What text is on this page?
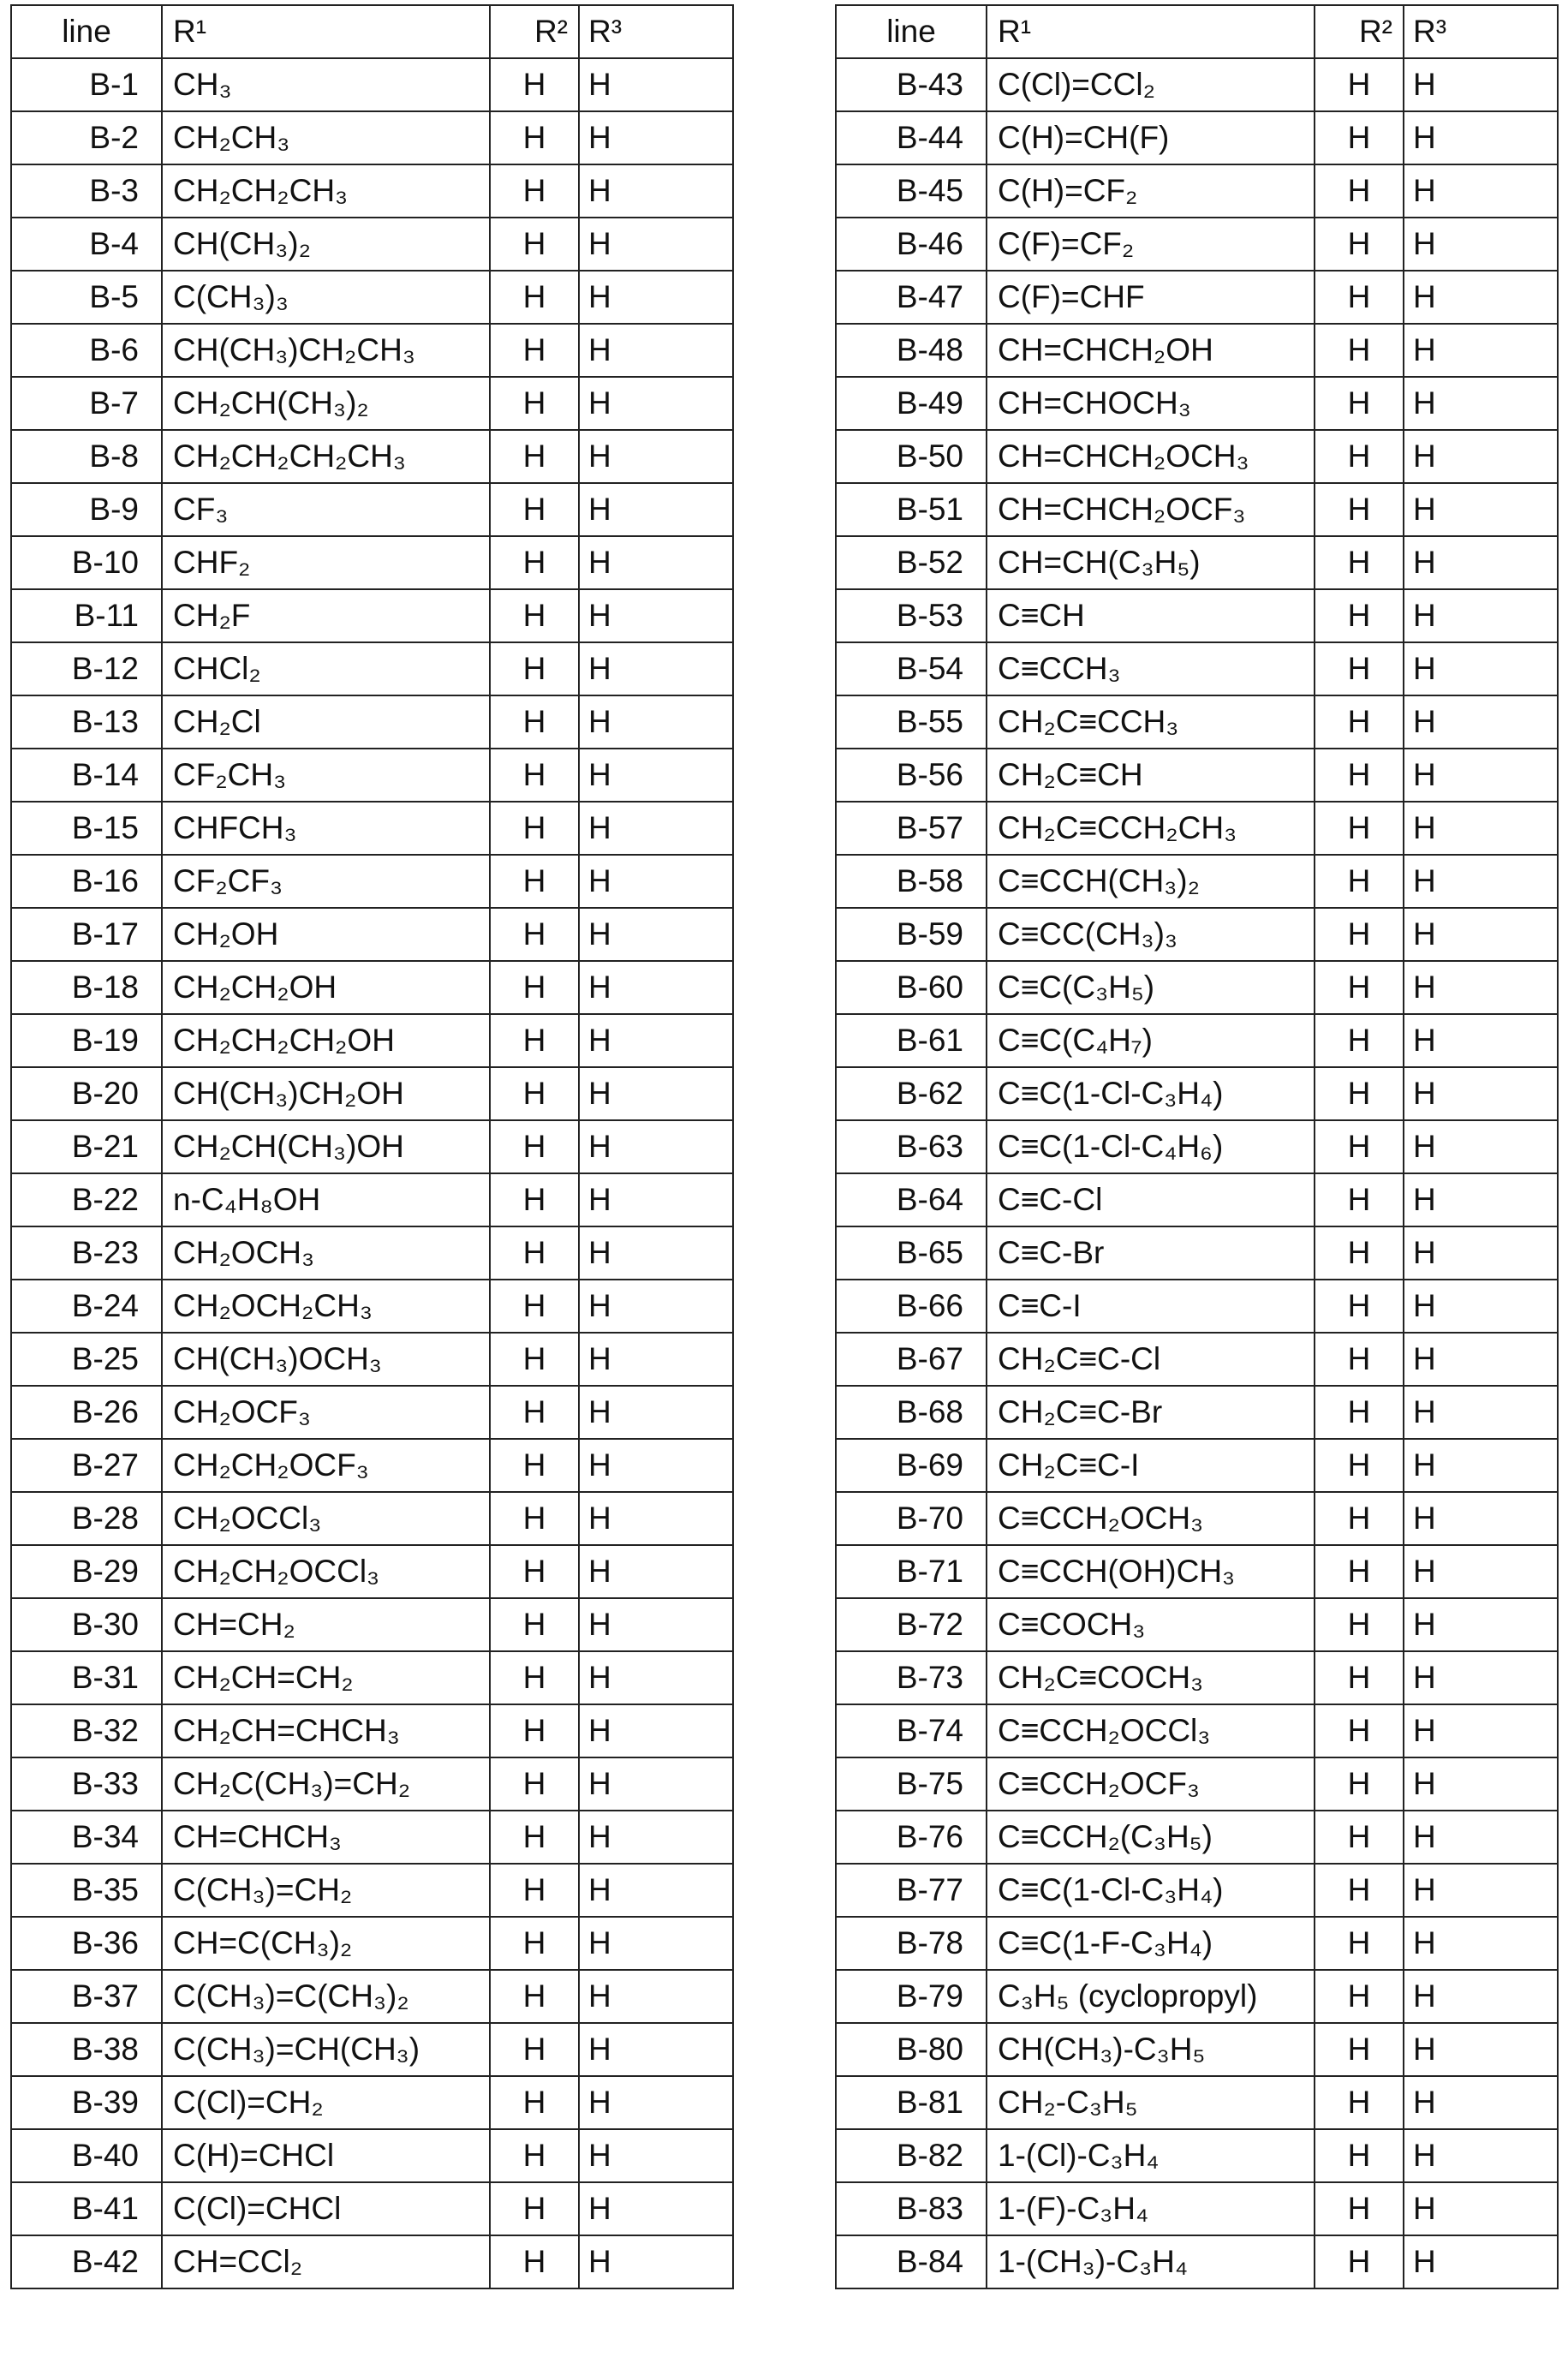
line	R¹	R²	R³
B-1	CH₃	H	H
B-2	CH₂CH₃	H	H
B-3	CH₂CH₂CH₃	H	H
B-4	CH(CH₃)₂	H	H
B-5	C(CH₃)₃	H	H
B-6	CH(CH₃)CH₂CH₃	H	H
B-7	CH₂CH(CH₃)₂	H	H
B-8	CH₂CH₂CH₂CH₃	H	H
B-9	CF₃	H	H
B-10	CHF₂	H	H
B-11	CH₂F	H	H
B-12	CHCl₂	H	H
B-13	CH₂Cl	H	H
B-14	CF₂CH₃	H	H
B-15	CHFCH₃	H	H
B-16	CF₂CF₃	H	H
B-17	CH₂OH	H	H
B-18	CH₂CH₂OH	H	H
B-19	CH₂CH₂CH₂OH	H	H
B-20	CH(CH₃)CH₂OH	H	H
B-21	CH₂CH(CH₃)OH	H	H
B-22	n-C₄H₈OH	H	H
B-23	CH₂OCH₃	H	H
B-24	CH₂OCH₂CH₃	H	H
B-25	CH(CH₃)OCH₃	H	H
B-26	CH₂OCF₃	H	H
B-27	CH₂CH₂OCF₃	H	H
B-28	CH₂OCCl₃	H	H
B-29	CH₂CH₂OCCl₃	H	H
B-30	CH=CH₂	H	H
B-31	CH₂CH=CH₂	H	H
B-32	CH₂CH=CHCH₃	H	H
B-33	CH₂C(CH₃)=CH₂	H	H
B-34	CH=CHCH₃	H	H
B-35	C(CH₃)=CH₂	H	H
B-36	CH=C(CH₃)₂	H	H
B-37	C(CH₃)=C(CH₃)₂	H	H
B-38	C(CH₃)=CH(CH₃)	H	H
B-39	C(Cl)=CH₂	H	H
B-40	C(H)=CHCl	H	H
B-41	C(Cl)=CHCl	H	H
B-42	CH=CCl₂	H	H
line	R¹	R²	R³
B-43	C(Cl)=CCl₂	H	H
B-44	C(H)=CH(F)	H	H
B-45	C(H)=CF₂	H	H
B-46	C(F)=CF₂	H	H
B-47	C(F)=CHF	H	H
B-48	CH=CHCH₂OH	H	H
B-49	CH=CHOCH₃	H	H
B-50	CH=CHCH₂OCH₃	H	H
B-51	CH=CHCH₂OCF₃	H	H
B-52	CH=CH(C₃H₅)	H	H
B-53	C≡CH	H	H
B-54	C≡CCH₃	H	H
B-55	CH₂C≡CCH₃	H	H
B-56	CH₂C≡CH	H	H
B-57	CH₂C≡CCH₂CH₃	H	H
B-58	C≡CCH(CH₃)₂	H	H
B-59	C≡CC(CH₃)₃	H	H
B-60	C≡C(C₃H₅)	H	H
B-61	C≡C(C₄H₇)	H	H
B-62	C≡C(1-Cl-C₃H₄)	H	H
B-63	C≡C(1-Cl-C₄H₆)	H	H
B-64	C≡C-Cl	H	H
B-65	C≡C-Br	H	H
B-66	C≡C-I	H	H
B-67	CH₂C≡C-Cl	H	H
B-68	CH₂C≡C-Br	H	H
B-69	CH₂C≡C-I	H	H
B-70	C≡CCH₂OCH₃	H	H
B-71	C≡CCH(OH)CH₃	H	H
B-72	C≡COCH₃	H	H
B-73	CH₂C≡COCH₃	H	H
B-74	C≡CCH₂OCCl₃	H	H
B-75	C≡CCH₂OCF₃	H	H
B-76	C≡CCH₂(C₃H₅)	H	H
B-77	C≡C(1-Cl-C₃H₄)	H	H
B-78	C≡C(1-F-C₃H₄)	H	H
B-79	C₃H₅ (cyclopropyl)	H	H
B-80	CH(CH₃)-C₃H₅	H	H
B-81	CH₂-C₃H₅	H	H
B-82	1-(Cl)-C₃H₄	H	H
B-83	1-(F)-C₃H₄	H	H
B-84	1-(CH₃)-C₃H₄	H	H
